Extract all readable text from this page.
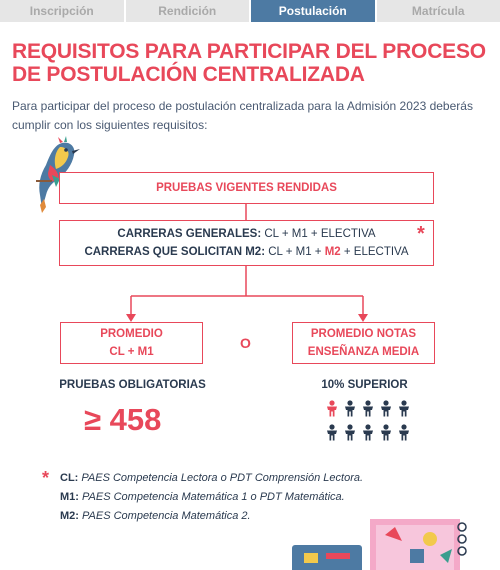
Inscripción	Rendición	Postulación	Matrícula
REQUISITOS PARA PARTICIPAR DEL PROCESO DE POSTULACIÓN CENTRALIZADA
Para participar del proceso de postulación centralizada para la Admisión 2023 deberás cumplir con los siguientes requisitos:
PRUEBAS VIGENTES RENDIDAS
CARRERAS GENERALES: CL + M1 + ELECTIVA
CARRERAS QUE SOLICITAN M2: CL + M1 + M2 + ELECTIVA
*
PROMEDIO
CL + M1
O
PROMEDIO NOTAS
ENSEÑANZA MEDIA
PRUEBAS OBLIGATORIAS
≥ 458
10% SUPERIOR
* CL: PAES Competencia Lectora o PDT Comprensión Lectora.
M1: PAES Competencia Matemática 1 o PDT Matemática.
M2: PAES Competencia Matemática 2.
